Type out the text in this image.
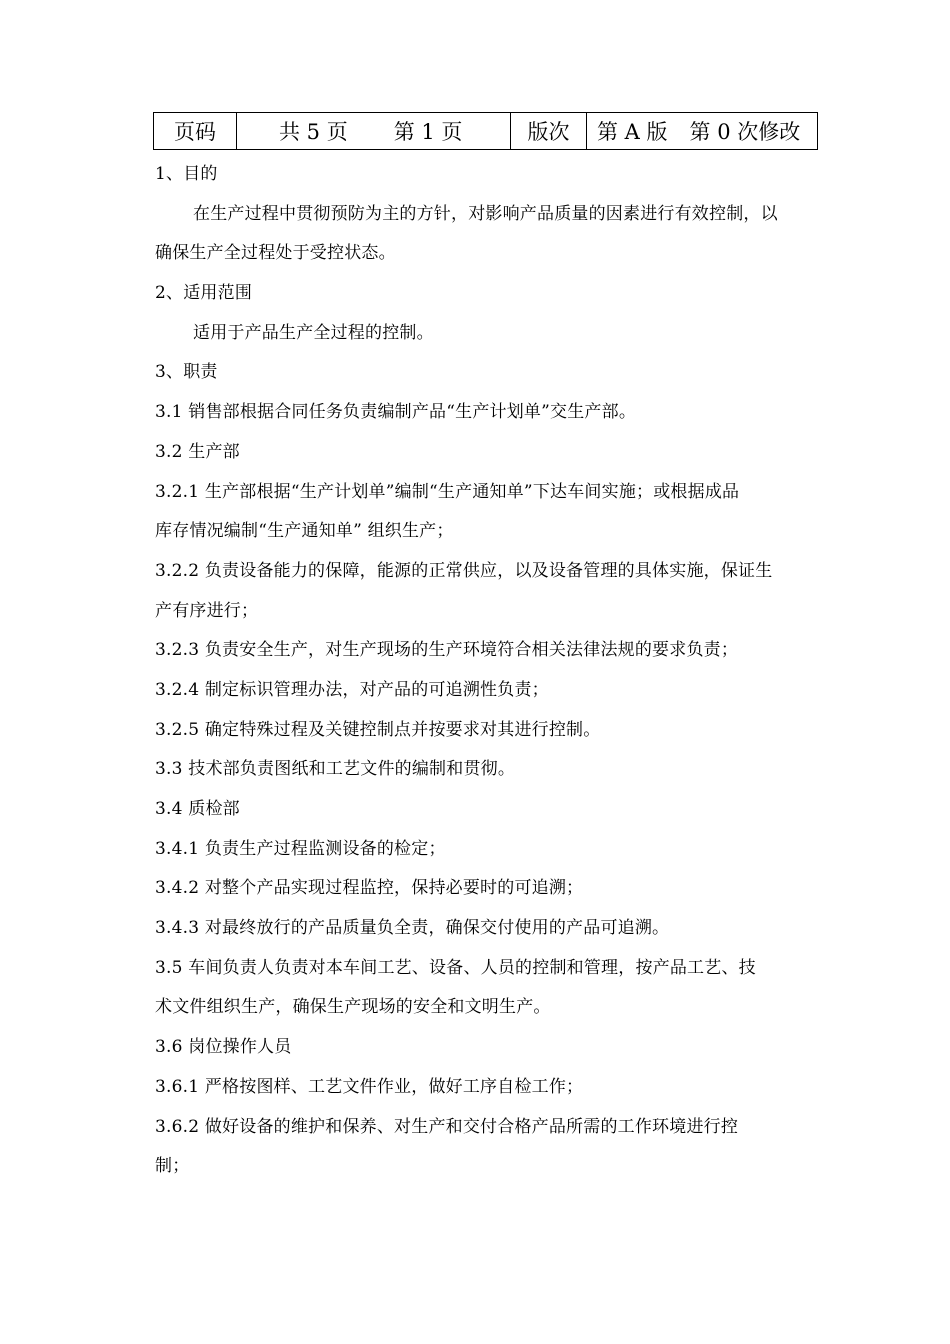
页码	共 5 页 第 1 页	版次	第 A 版 第 0 次修改
1、目的
在生产过程中贯彻预防为主的方针，对影响产品质量的因素进行有效控制，以
确保生产全过程处于受控状态。
2、适用范围
适用于产品生产全过程的控制。
3、职责
3.1 销售部根据合同任务负责编制产品“生产计划单”交生产部。
3.2 生产部
3.2.1 生产部根据“生产计划单”编制“生产通知单”下达车间实施；或根据成品
库存情况编制“生产通知单” 组织生产；
3.2.2 负责设备能力的保障，能源的正常供应，以及设备管理的具体实施，保证生
产有序进行；
3.2.3 负责安全生产，对生产现场的生产环境符合相关法律法规的要求负责；
3.2.4 制定标识管理办法，对产品的可追溯性负责；
3.2.5 确定特殊过程及关键控制点并按要求对其进行控制。
3.3 技术部负责图纸和工艺文件的编制和贯彻。
3.4 质检部
3.4.1 负责生产过程监测设备的检定；
3.4.2 对整个产品实现过程监控，保持必要时的可追溯；
3.4.3 对最终放行的产品质量负全责，确保交付使用的产品可追溯。
3.5 车间负责人负责对本车间工艺、设备、人员的控制和管理，按产品工艺、技
术文件组织生产，确保生产现场的安全和文明生产。
3.6 岗位操作人员
3.6.1 严格按图样、工艺文件作业，做好工序自检工作；
3.6.2 做好设备的维护和保养、对生产和交付合格产品所需的工作环境进行控
制；
